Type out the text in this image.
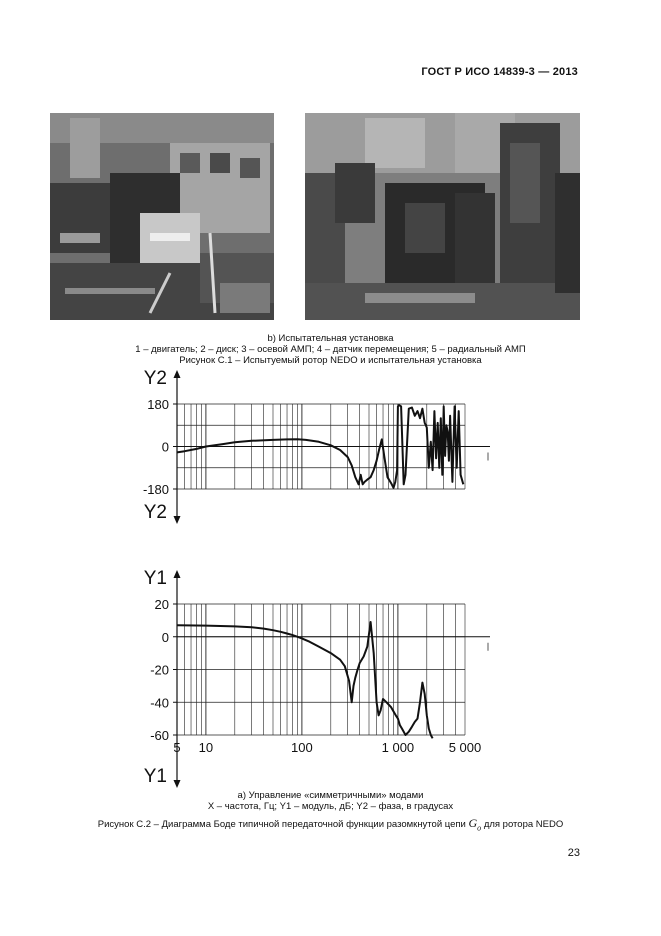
ГОСТ Р ИСО 14839-3 — 2013
b) Испытательная установка
1 – двигатель; 2 – диск; 3 – осевой АМП; 4 – датчик перемещения; 5 – радиальный АМП
Рисунок С.1 – Испытуемый ротор NEDO и испытательная установка
180
0
-180
Y2
Y2
20
0
-20
-40
-60
Y1
Y1
5 10	100	1 000	5 000
а) Управление «симметричными» модами
X – частота, Гц; Y1 – модуль, дБ; Y2 – фаза, в градусах
Рисунок С.2 – Диаграмма Боде типичной передаточной функции разомкнутой цепи $G_o$ для ротора NEDO
23
